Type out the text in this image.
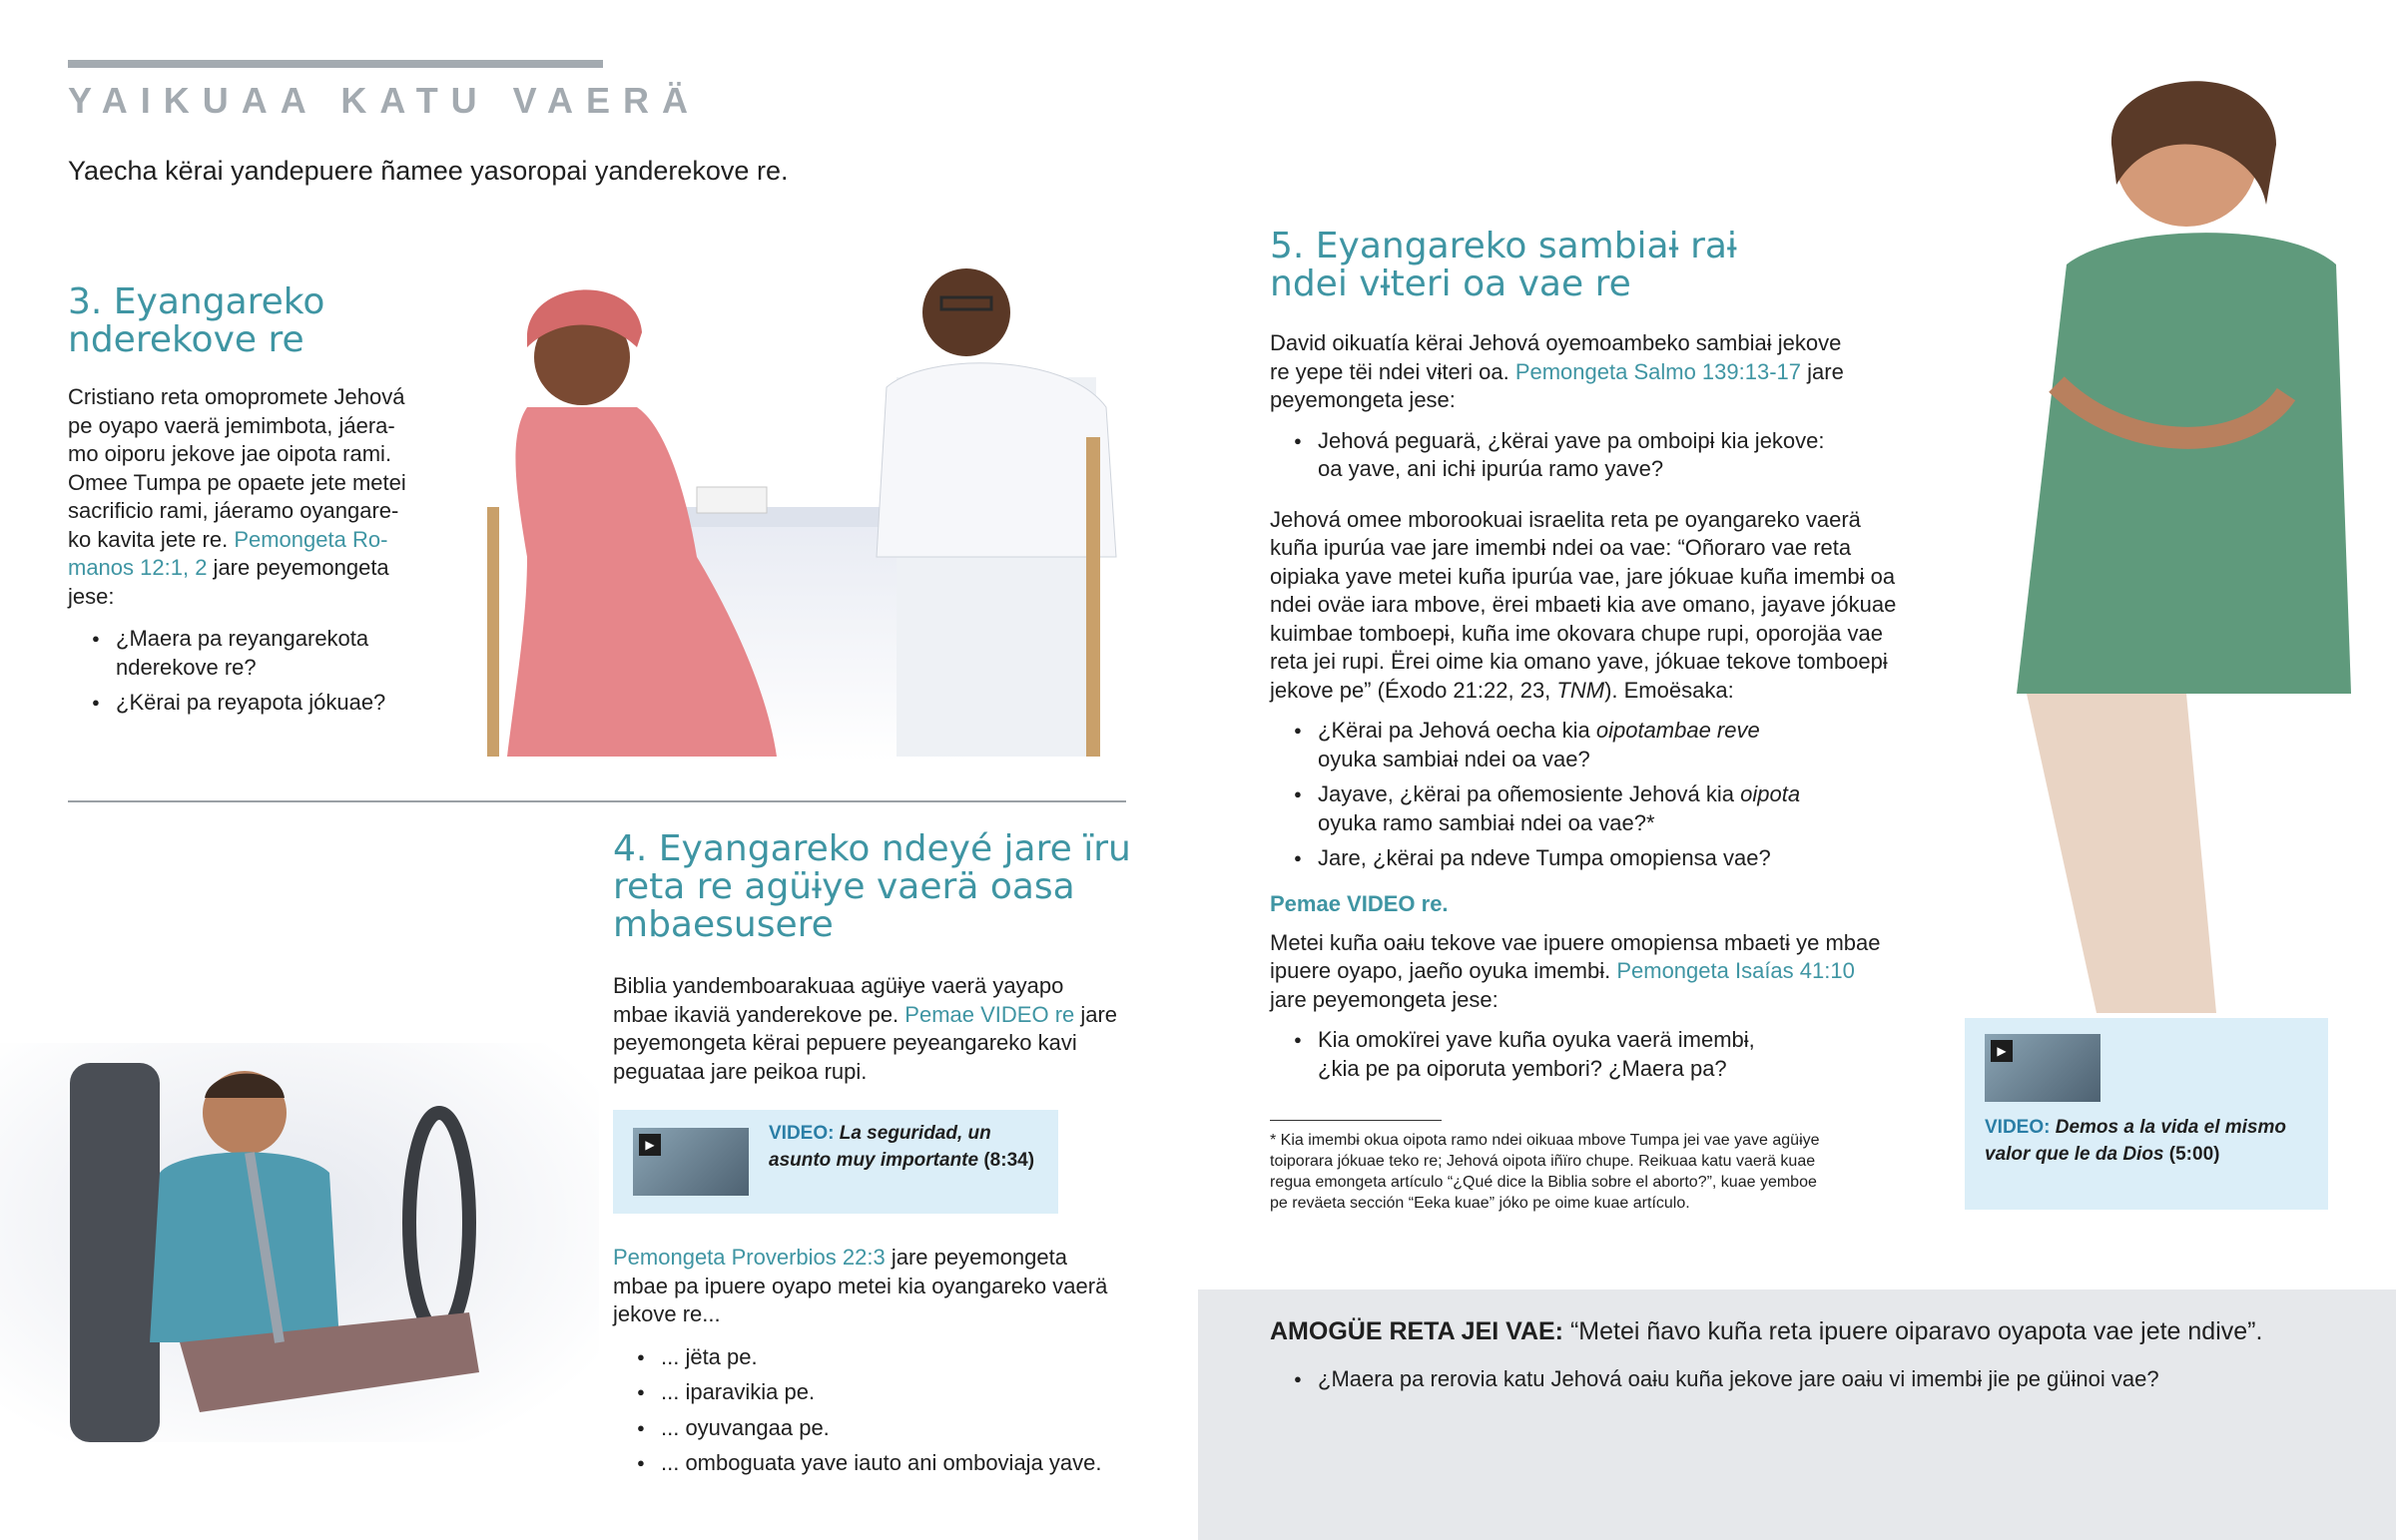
YAIKUAA KATU VAERÄ
Yaecha kërai yandepuere ñamee yasoropai yanderekove re.
3. Eyangareko
nderekove re

Cristiano reta omopromete Jehová

pe oyapo vaerä jemimbota, jáera-

mo oiporu jekove jae oipota rami.

Omee Tumpa pe opaete jete metei

sacrificio rami, jáeramo oyangare-

ko kavita jete re. Pemongeta Ro-

manos 12:1, 2 jare peyemongeta

jese:

● ¿Maera pa reyangarekota
nderekove re?
● ¿Kërai pa reyapota jókuae?
4. Eyangareko ndeyé jare ïru
reta re agüɨye vaerä oasa
mbaesusere

Biblia yandemboarakuaa agüɨye vaerä yayapo
mbae ikaviä yanderekove pe. Pemae VIDEO re jare
peyemongeta kërai pepuere peyeangareko kavi
peguataa jare peikoa rupi.

▶
VIDEO: La seguridad, un
asunto muy importante (8:34)

Pemongeta Proverbios 22:3 jare peyemongeta
mbae pa ipuere oyapo metei kia oyangareko vaerä
jekove re...

● ... jëta pe.
● ... iparavikia pe.
● ... oyuvangaa pe.
● ... omboguata yave iauto ani omboviaja yave.
5. Eyangareko sambiaɨ raɨ
ndei vɨteri oa vae re

David oikuatía kërai Jehová oyemoambeko sambiaɨ jekove
re yepe tëi ndei vɨteri oa. Pemongeta Salmo 139:13-17 jare
peyemongeta jese:

● Jehová peguarä, ¿kërai yave pa omboipɨ kia jekove:
oa yave, ani ichɨ ipurúa ramo yave?

Jehová omee mborookuai israelita reta pe oyangareko vaerä
kuña ipurúa vae jare imembɨ ndei oa vae: “Oñoraro vae reta
oipiaka yave metei kuña ipurúa vae, jare jókuae kuña imembɨ oa
ndei oväe iara mbove, ërei mbaetɨ kia ave omano, jayave jókuae
kuimbae tomboepɨ, kuña ime okovara chupe rupi, oporojäa vae
reta jei rupi. Ërei oime kia omano yave, jókuae tekove tomboepɨ
jekove pe” (Éxodo 21:22, 23, TNM). Emoësaka:

● ¿Kërai pa Jehová oecha kia oipotambae reve
oyuka sambiaɨ ndei oa vae?
● Jayave, ¿kërai pa oñemosiente Jehová kia oipota
oyuka ramo sambiaɨ ndei oa vae?*
● Jare, ¿kërai pa ndeve Tumpa omopiensa vae?
Pemae VIDEO re.

Metei kuña oaɨu tekove vae ipuere omopiensa mbaetɨ ye mbae
ipuere oyapo, jaeño oyuka imembɨ. Pemongeta Isaías 41:10
jare peyemongeta jese:

● Kia omokïrei yave kuña oyuka vaerä imembɨ,
¿kia pe pa oiporuta yembori? ¿Maera pa?
* Kia imembɨ okua oipota ramo ndei oikuaa mbove Tumpa jei vae yave agüɨye
toiporara jókuae teko re; Jehová oipota iñïro chupe. Reikuaa katu vaerä kuae
regua emongeta artículo “¿Qué dice la Biblia sobre el aborto?”, kuae yemboe
pe reväeta sección “Eeka kuae” jóko pe oime kuae artículo.
▶
VIDEO: Demos a la vida el mismo
valor que le da Dios (5:00)
AMOGÜE RETA JEI VAE: “Metei ñavo kuña reta ipuere oiparavo oyapota vae jete ndive”.
● ¿Maera pa rerovia katu Jehová oaɨu kuña jekove jare oaɨu vi imembɨ jie pe güɨnoi vae?
